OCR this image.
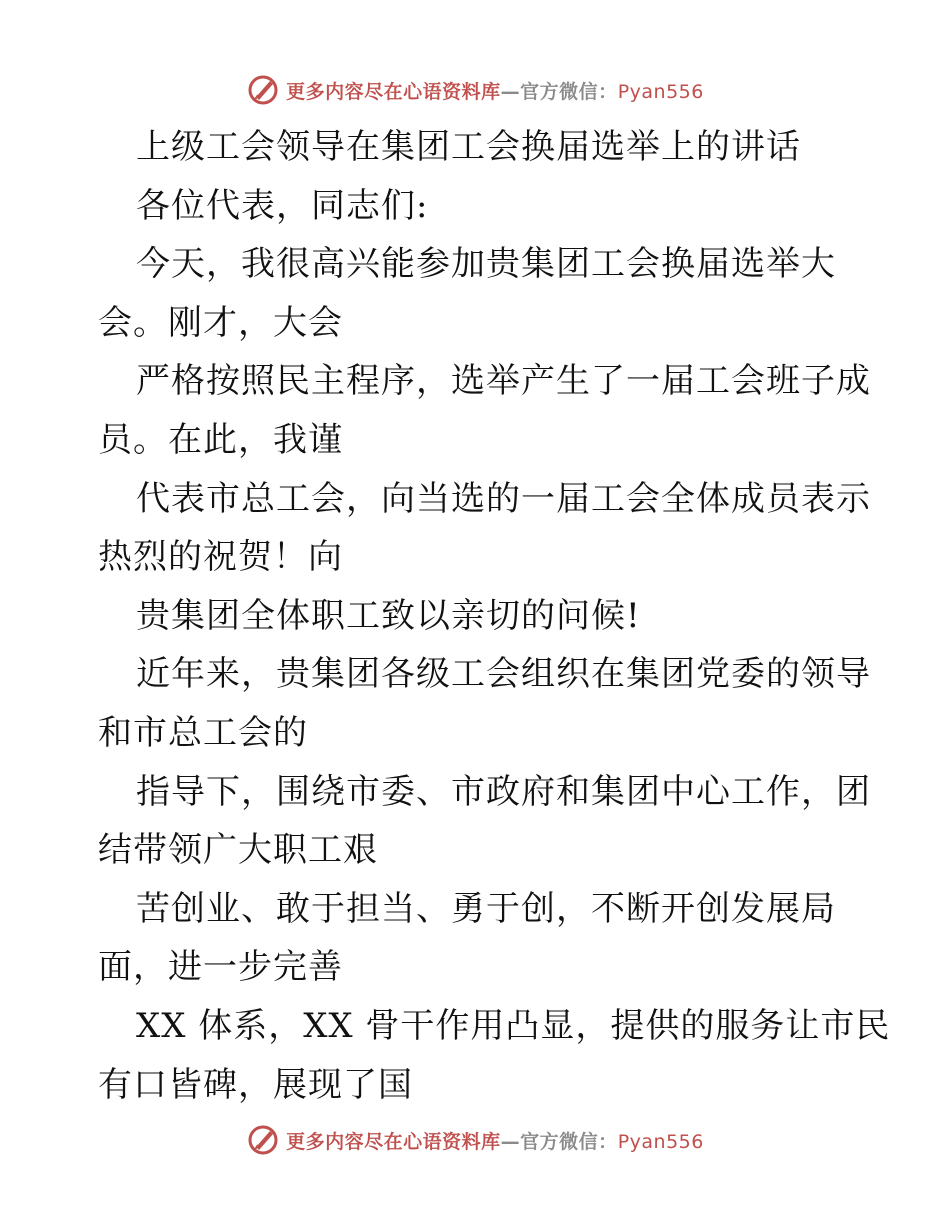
更多内容尽在心语资料库—官方微信：Pyan556
上级工会领导在集团工会换届选举上的讲话
各位代表，同志们:
今天，我很高兴能参加贵集团工会换届选举大
会。刚才，大会
严格按照民主程序，选举产生了一届工会班子成
员。在此，我谨
代表市总工会，向当选的一届工会全体成员表示
热烈的祝贺！向
贵集团全体职工致以亲切的问候!
近年来，贵集团各级工会组织在集团党委的领导
和市总工会的
指导下，围绕市委、市政府和集团中心工作，团
结带领广大职工艰
苦创业、敢于担当、勇于创，不断开创发展局
面，进一步完善
XX 体系，XX 骨干作用凸显，提供的服务让市民
有口皆碑，展现了国
更多内容尽在心语资料库—官方微信：Pyan556
